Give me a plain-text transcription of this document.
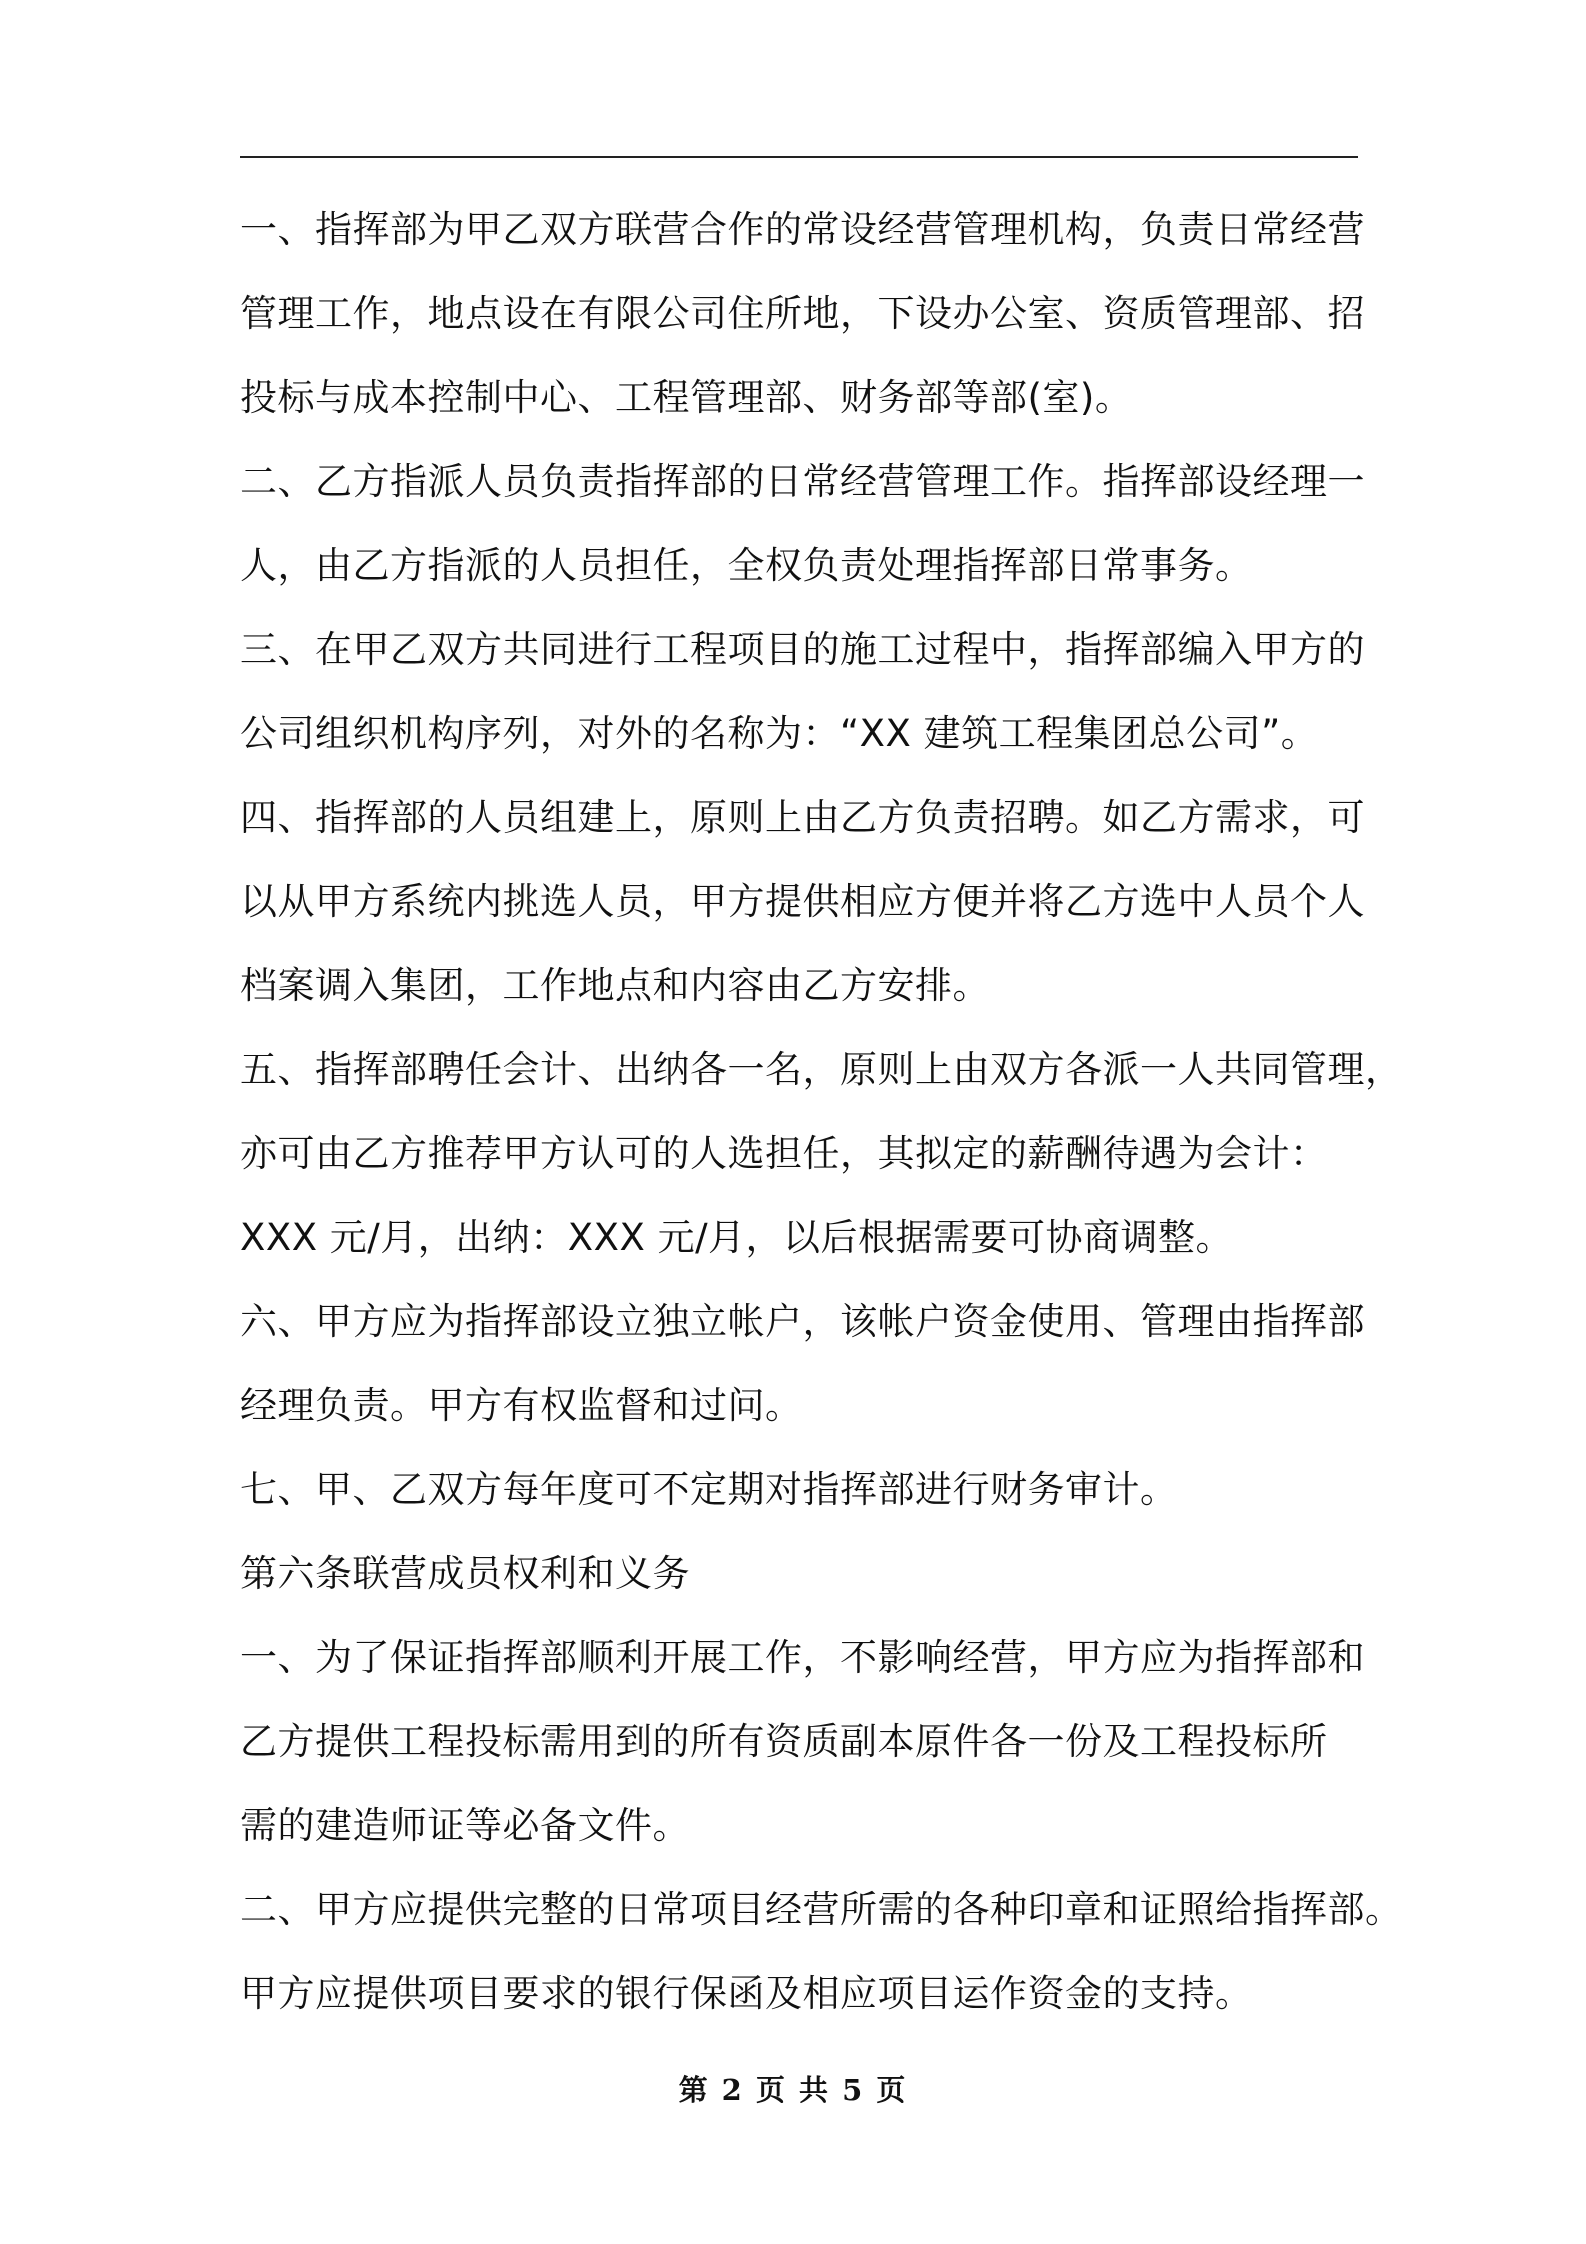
一、指挥部为甲乙双方联营合作的常设经营管理机构，负责日常经营
管理工作，地点设在有限公司住所地，下设办公室、资质管理部、招
投标与成本控制中心、工程管理部、财务部等部(室)。

二、乙方指派人员负责指挥部的日常经营管理工作。指挥部设经理一
人，由乙方指派的人员担任，全权负责处理指挥部日常事务。

三、在甲乙双方共同进行工程项目的施工过程中，指挥部编入甲方的
公司组织机构序列，对外的名称为：“XX 建筑工程集团总公司”。

四、指挥部的人员组建上，原则上由乙方负责招聘。如乙方需求，可
以从甲方系统内挑选人员，甲方提供相应方便并将乙方选中人员个人
档案调入集团，工作地点和内容由乙方安排。

五、指挥部聘任会计、出纳各一名，原则上由双方各派一人共同管理，
亦可由乙方推荐甲方认可的人选担任，其拟定的薪酬待遇为会计：
XXX 元/月，出纳：XXX 元/月，以后根据需要可协商调整。

六、甲方应为指挥部设立独立帐户，该帐户资金使用、管理由指挥部
经理负责。甲方有权监督和过问。

七、甲、乙双方每年度可不定期对指挥部进行财务审计。

第六条联营成员权利和义务

一、为了保证指挥部顺利开展工作，不影响经营，甲方应为指挥部和
乙方提供工程投标需用到的所有资质副本原件各一份及工程投标所
需的建造师证等必备文件。

二、甲方应提供完整的日常项目经营所需的各种印章和证照给指挥部。
甲方应提供项目要求的银行保函及相应项目运作资金的支持。

第 2 页 共 5 页
